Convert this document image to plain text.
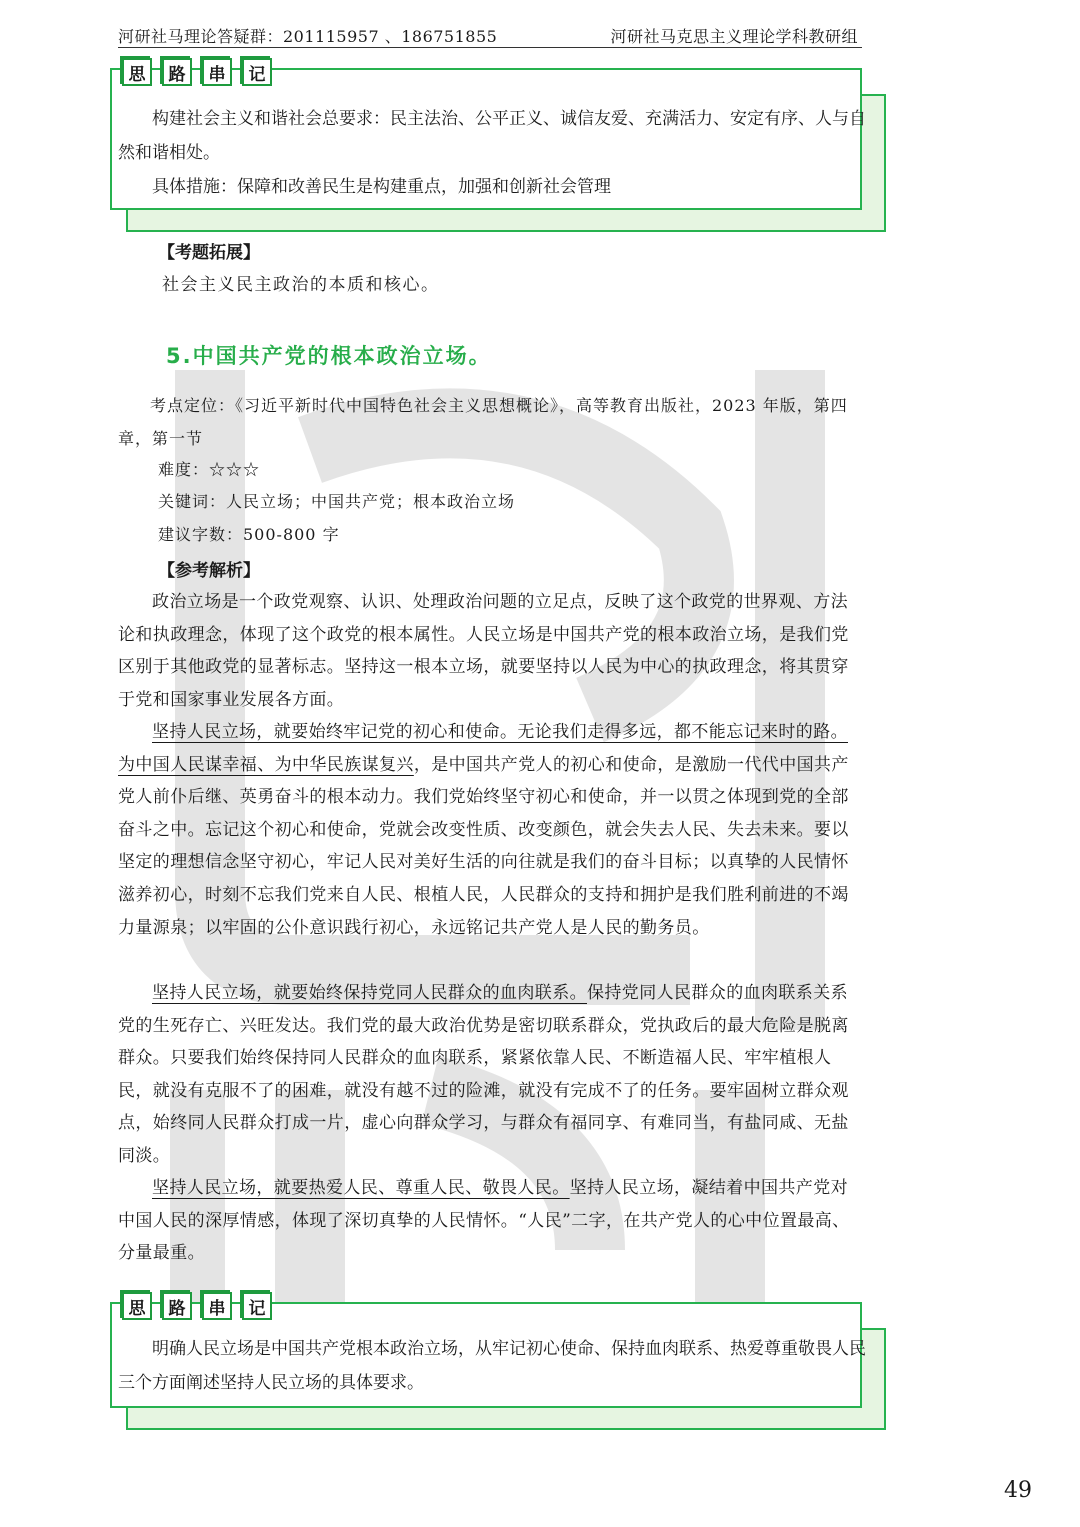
河研社马理论答疑群：201115957 、186751855	河研社马克思主义理论学科教研组
思	路	串	记

构建社会主义和谐社会总要求：民主法治、公平正义、诚信友爱、充满活力、安定有序、人与自然和谐相处。

具体措施：保障和改善民生是构建重点，加强和创新社会管理

【考题拓展】
社会主义民主政治的本质和核心。
5.中国共产党的根本政治立场。
考点定位：《习近平新时代中国特色社会主义思想概论》，高等教育出版社，2023 年版，第四章，第一节
难度：☆☆☆
关键词：人民立场；中国共产党；根本政治立场
建议字数：500-800 字
【参考解析】

政治立场是一个政党观察、认识、处理政治问题的立足点，反映了这个政党的世界观、方法论和执政理念，体现了这个政党的根本属性。人民立场是中国共产党的根本政治立场，是我们党区别于其他政党的显著标志。坚持这一根本立场，就要坚持以人民为中心的执政理念，将其贯穿于党和国家事业发展各方面。

坚持人民立场，就要始终牢记党的初心和使命。无论我们走得多远，都不能忘记来时的路。为中国人民谋幸福、为中华民族谋复兴，是中国共产党人的初心和使命，是激励一代代中国共产党人前仆后继、英勇奋斗的根本动力。我们党始终坚守初心和使命，并一以贯之体现到党的全部奋斗之中。忘记这个初心和使命，党就会改变性质、改变颜色，就会失去人民、失去未来。要以坚定的理想信念坚守初心，牢记人民对美好生活的向往就是我们的奋斗目标；以真挚的人民情怀滋养初心，时刻不忘我们党来自人民、根植人民，人民群众的支持和拥护是我们胜利前进的不竭力量源泉；以牢固的公仆意识践行初心，永远铭记共产党人是人民的勤务员。

坚持人民立场，就要始终保持党同人民群众的血肉联系。保持党同人民群众的血肉联系关系党的生死存亡、兴旺发达。我们党的最大政治优势是密切联系群众，党执政后的最大危险是脱离群众。只要我们始终保持同人民群众的血肉联系，紧紧依靠人民、不断造福人民、牢牢植根人民，就没有克服不了的困难，就没有越不过的险滩，就没有完成不了的任务。要牢固树立群众观点，始终同人民群众打成一片，虚心向群众学习，与群众有福同享、有难同当，有盐同咸、无盐同淡。

坚持人民立场，就要热爱人民、尊重人民、敬畏人民。坚持人民立场，凝结着中国共产党对中国人民的深厚情感，体现了深切真挚的人民情怀。“人民”二字，在共产党人的心中位置最高、分量最重。

思	路	串	记

明确人民立场是中国共产党根本政治立场，从牢记初心使命、保持血肉联系、热爱尊重敬畏人民三个方面阐述坚持人民立场的具体要求。

49
